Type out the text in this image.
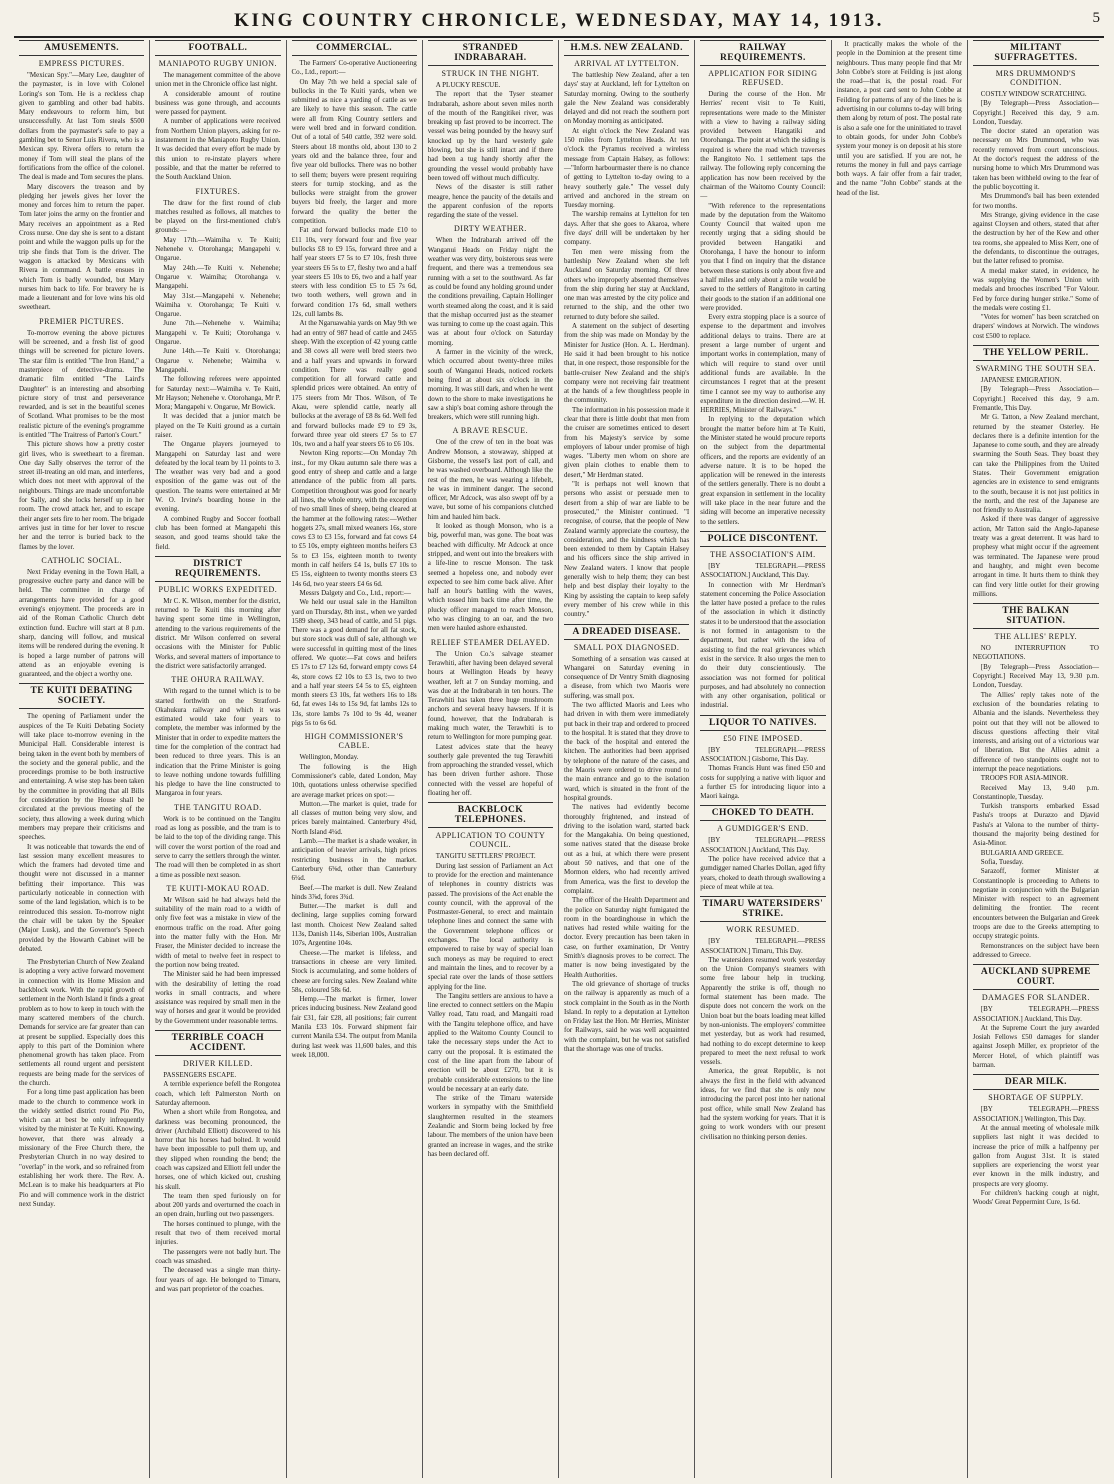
KING COUNTRY CHRONICLE, WEDNESDAY, MAY 14, 1913.	5
AMUSEMENTS.
EMPRESS PICTURES.

"Mexican Spy."—Mary Lee, daughter of the paymaster, is in love with Colonel Loring's son Tom. He is a reckless chap given to gambling and other bad habits. Mary endeavours to reform him, but unsuccessfully. At last Tom steals $500 dollars from the paymaster's safe to pay a gambling bet to Senor Luis Rivera, who is a Mexican spy. Rivera offers to return the money if Tom will steal the plans of the fortifications from the office of the colonel. The deal is made and Tom secures the plans.

Mary discovers the treason and by pledging her jewels gives her lover the money and forces him to return the paper. Tom later joins the army on the frontier and Mary receives an appointment as a Red Cross nurse. One day she is sent to a distant point and while the waggon pulls up for the trip she finds that Tom is the driver. The waggon is attacked by Mexicans with Rivera in command. A battle ensues in which Tom is badly wounded, but Mary nurses him back to life. For bravery he is made a lieutenant and for love wins his old sweetheart.

PREMIER PICTURES.

To-morrow evening the above pictures will be screened, and a fresh list of good things will be screened for picture lovers. The star film is entitled "The Iron Hand," a masterpiece of detective-drama. The dramatic film entitled "The Laird's Daughter" is an interesting and absorbing picture story of trust and perseverance rewarded, and is set in the beautiful scenes of Scotland. What promises to be the most realistic picture of the evening's programme is entitled "The Traitress of Parton's Court."

This picture shows how a pretty coster girl lives, who is sweetheart to a fireman. One day Sally observes the terror of the street ill-treating an old man, and interferes, which does not meet with approval of the neighbours. Things are made uncomfortable for Sally, and she locks herself up in her room. The crowd attack her, and to escape their anger sets fire to her room. The brigade arrives just in time for her lover to rescue her and the terror is buried back to the flames by the lover.

CATHOLIC SOCIAL.

Next Friday evening in the Town Hall, a progressive euchre party and dance will be held. The committee in charge of arrangements have provided for a good evening's enjoyment. The proceeds are in aid of the Roman Catholic Church debt extinction fund. Euchre will start at 8 p.m. sharp, dancing will follow, and musical items will be rendered during the evening. It is hoped a large number of patrons will attend as an enjoyable evening is guaranteed, and the object a worthy one.

TE KUITI DEBATING SOCIETY.

The opening of Parliament under the auspices of the Te Kuiti Debating Society will take place to-morrow evening in the Municipal Hall. Considerable interest is being taken in the event both by members of the society and the general public, and the proceedings promise to be both instructive and entertaining. A wise step has been taken by the committee in providing that all Bills for consideration by the House shall be circulated at the previous meeting of the society, thus allowing a week during which members may prepare their criticisms and speeches.

It was noticeable that towards the end of last session many excellent measures to which the framers had devoted time and thought were not discussed in a manner befitting their importance. This was particularly noticeable in connection with some of the land legislation, which is to be reintroduced this session. To-morrow night the chair will be taken by the Speaker (Major Lusk), and the Governor's Speech provided by the Howarth Cabinet will be debated.

The Presbyterian Church of New Zealand is adopting a very active forward movement in connection with its Home Mission and backblock work. With the rapid growth of settlement in the North Island it finds a great problem as to how to keep in touch with the many scattered members of the church. Demands for service are far greater than can at present be supplied. Especially does this apply to this part of the Dominion where phenomenal growth has taken place. From settlements all round urgent and persistent requests are being made for the services of the church.

For a long time past application has been made to the church to commence work in the widely settled district round Pio Pio, which can at best be only infrequently visited by the minister at Te Kuiti. Knowing, however, that there was already a missionary of the Free Church there, the Presbyterian Church in no way desired to "overlap" in the work, and so refrained from establishing her work there. The Rev. A. McLean is to make his headquarters at Pio Pio and will commence work in the district next Sunday.

FOOTBALL.
MANIAPOTO RUGBY UNION.

The management committee of the above union met in the Chronicle office last night.

A considerable amount of routine business was gone through, and accounts were passed for payment.

A number of applications were received from Northern Union players, asking for re-instatement in the Maniapoto Rugby Union. It was decided that every effort be made by this union to re-instate players where possible, and that the matter be referred to the South Auckland Union.

FIXTURES.

The draw for the first round of club matches resulted as follows, all matches to be played on the first-mentioned club's grounds:—

May 17th.—Waimiha v. Te Kuiti; Nehenehe v. Otorohanga; Mangapehi v. Ongarue.

May 24th.—Te Kuiti v. Nehenehe; Ongarue v. Waimiha; Otorohanga v. Mangapehi.

May 31st.—Mangapehi v. Nehenehe; Waimiha v. Otorohanga; Te Kuiti v. Ongarue.

June 7th.—Nehenehe v. Waimiha; Mangapehi v. Te Kuiti; Otorohanga v. Ongarue.

June 14th.—Te Kuiti v. Otorohanga; Ongarue v. Nehenehe; Waimiha v. Mangapehi.

The following referees were appointed for Saturday next:—Waimiha v. Te Kuiti, Mr Hayson; Nehenehe v. Otorohanga, Mr P. Mora; Mangapehi v. Ongarue, Mr Bowick.

It was decided that a junior match be played on the Te Kuiti ground as a curtain raiser.

The Ongarue players journeyed to Mangapehi on Saturday last and were defeated by the local team by 11 points to 3. The weather was very bad and a good exposition of the game was out of the question. The teams were entertained at Mr W. O. Irvine's boarding house in the evening.

A combined Rugby and Soccer football club has been formed at Mangapehi this season, and good teams should take the field.

DISTRICT REQUIREMENTS.
PUBLIC WORKS EXPEDITED.

Mr C. K. Wilson, member for the district, returned to Te Kuiti this morning after having spent some time in Wellington, attending to the various requirements of the district. Mr Wilson conferred on several occasions with the Minister for Public Works, and several matters of importance to the district were satisfactorily arranged.

THE OHURA RAILWAY.

With regard to the tunnel which is to be started forthwith on the Stratford-Okahukura railway and which it was estimated would take four years to complete, the member was informed by the Minister that in order to expedite matters the time for the completion of the contract had been reduced to three years. This is an indication that the Prime Minister is going to leave nothing undone towards fulfilling his pledge to have the line constructed to Mangaroa in four years.

THE TANGITU ROAD.

Work is to be continued on the Tangitu road as long as possible, and the tram is to be laid to the top of the dividing range. This will cover the worst portion of the road and serve to carry the settlers through the winter. The road will then be completed in as short a time as possible next season.

TE KUITI-MOKAU ROAD.

Mr Wilson said he had always held the suitability of the main road to a width of only five feet was a mistake in view of the enormous traffic on the road. After going into the matter fully with the Hon. Mr Fraser, the Minister decided to increase the width of metal to twelve feet in respect to the portion now being treated.

The Minister said he had been impressed with the desirability of letting the road works in small contracts, and where assistance was required by small men in the way of horses and gear it would be provided by the Government under reasonable terms.

TERRIBLE COACH ACCIDENT.
DRIVER KILLED.

PASSENGERS ESCAPE.

A terrible experience befell the Rongotea coach, which left Palmerston North on Saturday afternoon.

When a short while from Rongotea, and darkness was becoming pronounced, the driver (Archibald Elliott) discovered to his horror that his horses had bolted. It would have been impossible to pull them up, and they slipped when rounding the bend; the coach was capsized and Elliott fell under the horses, one of which kicked out, crushing his skull.

The team then sped furiously on for about 200 yards and overturned the coach in an open drain, hurling out two passengers.

The horses continued to plunge, with the result that two of them received mortal injuries.

The passengers were not badly hurt. The coach was smashed.

The deceased was a single man thirty-four years of age. He belonged to Timaru, and was part proprietor of the coaches.

COMMERCIAL.

The Farmers' Co-operative Auctioneering Co., Ltd., report:—

On May 7th we held a special sale of bullocks in the Te Kuiti yards, when we submitted as nice a yarding of cattle as we are likely to have this season. The cattle were all from King Country settlers and were well bred and in forward condition. Out of a total of 540 cattle, 392 were sold. Steers about 18 months old, about 130 to 2 years old and the balance three, four and five year old bullocks. There was no bother to sell them; buyers were present requiring steers for turnip stocking, and as the bullocks were straight from the grower buyers bid freely, the larger and more forward the quality the better the competition.

Fat and forward bullocks made £10 to £11 10s, very forward four and five year bullocks £8 to £9 15s, forward three and a half year steers £7 5s to £7 10s, fresh three year steers £6 5s to £7, fleshy two and a half year steers £5 10s to £6, two and a half year steers with less condition £5 to £5 7s 6d, two tooth wethers, well grown and in forward condition 17s 6d, small wethers 12s, cull lambs 8s.

At the Ngaruawahia yards on May 9th we had an entry of 987 head of cattle and 2455 sheep. With the exception of 42 young cattle and 38 cows all were well bred steers two and a half years and upwards in forward condition. There was really good competition for all forward cattle and splendid prices were obtained. An entry of 175 steers from Mr Thos. Wilson, of Te Akau, were splendid cattle, nearly all bullocks at the average of £8 8s 6d. Well fed and forward bullocks made £9 to £9 3s, forward three year old steers £7 5s to £7 10s, two and a half year steers £6 to £6 10s.

Newton King reports:—On Monday 7th inst., for my Okau autumn sale there was a good entry of sheep and cattle and a large attendance of the public from all parts. Competition throughout was good for nearly all lines, the whole entry, with the exception of two small lines of sheep, being cleared at the hammer at the following rates:—Wether hoggets 27s, small mixed weaners 16s, store cows £3 to £3 15s, forward and fat cows £4 to £5 10s, empty eighteen months heifers £3 5s to £3 15s, eighteen month to twenty month in calf heifers £4 1s, bulls £7 10s to £5 15s, eighteen to twenty months steers £3 14s 6d, two year steers £4 6s 6d.

Messrs Dalgety and Co., Ltd., report:—

We held our usual sale in the Hamilton yard on Thursday, 8th inst., when we yarded 1589 sheep, 343 head of cattle, and 51 pigs. There was a good demand for all fat stock, but store stock was dull of sale, although we were successful in quitting most of the lines offered. We quote:—Fat cows and heifers £5 17s to £7 12s 6d, forward empty cows £4 4s, store cows £2 10s to £3 1s, two to two and a half year steers £4 5s to £5, eighteen month steers £3 10s, fat wethers 16s to 18s 6d, fat ewes 14s to 15s 9d, fat lambs 12s to 13s, store lambs 7s 10d to 9s 4d, weaner pigs 5s to 6s 6d.

HIGH COMMISSIONER'S CABLE.

Wellington, Monday.

The following is the High Commissioner's cable, dated London, May 10th, quotations unless otherwise specified are average market prices on spot:—

Mutton.—The market is quiet, trade for all classes of mutton being very slow, and prices barely maintained. Canterbury 4¼d, North Island 4¼d.

Lamb.—The market is a shade weaker, in anticipation of heavier arrivals, high prices restricting business in the market. Canterbury 6⅝d, other than Canterbury 6¼d.

Beef.—The market is dull. New Zealand hinds 3⅞d, fores 3¾d.

Butter.—The market is dull and declining, large supplies coming forward last month. Choicest New Zealand salted 113s, Danish 114s, Siberian 100s, Australian 107s, Argentine 104s.

Cheese.—The market is lifeless, and transactions in cheese are very limited. Stock is accumulating, and some holders of cheese are forcing sales. New Zealand white 58s, coloured 58s 6d.

Hemp.—The market is firmer, lower prices inducing business. New Zealand good fair £31, fair £28, all positions; fair current Manila £33 10s. Forward shipment fair current Manila £34. The output from Manila during last week was 11,600 bales, and this week 18,000.

STRANDED INDRABARAH.
STRUCK IN THE NIGHT.

A PLUCKY RESCUE.

The report that the Tyser steamer Indrabarah, ashore about seven miles north of the mouth of the Rangitikei river, was breaking up fast proved to be incorrect. The vessel was being pounded by the heavy surf knocked up by the hard westerly gale blowing, but she is still intact and if there had been a tug handy shortly after the grounding the vessel would probably have been towed off without much difficulty.

News of the disaster is still rather meagre, hence the paucity of the details and the apparent confusion of the reports regarding the state of the vessel.

DIRTY WEATHER.

When the Indrabarah arrived off the Wanganui Heads on Friday night the weather was very dirty, boisterous seas were frequent, and there was a tremendous sea running with a set to the southward. As far as could be found any holding ground under the conditions prevailing, Captain Hollinger worth steamed along the coast, and it is said that the mishap occurred just as the steamer was turning to come up the coast again. This was at about four o'clock on Saturday morning.

A farmer in the vicinity of the wreck, which occurred about twenty-three miles south of Wanganui Heads, noticed rockets being fired at about six o'clock in the morning. It was still dark, and when he went down to the shore to make investigations he saw a ship's boat coming ashore through the breakers, which were still running high.

A BRAVE RESCUE.

One of the crew of ten in the boat was Andrew Monson, a stowaway, shipped at Gisborne, the vessel's last port of call, and he was washed overboard. Although like the rest of the men, he was wearing a lifebelt, he was in imminent danger. The second officer, Mr Adcock, was also swept off by a wave, but some of his companions clutched him and hauled him back.

It looked as though Monson, who is a big, powerful man, was gone. The boat was beached with difficulty. Mr Adcock at once stripped, and went out into the breakers with a life-line to rescue Monson. The task seemed a hopeless one, and nobody ever expected to see him come back alive. After half an hour's battling with the waves, which tossed him back time after time, the plucky officer managed to reach Monson, who was clinging to an oar, and the two men were hauled ashore exhausted.

RELIEF STEAMER DELAYED.

The Union Co.'s salvage steamer Terawhiti, after having been delayed several hours at Wellington Heads by heavy weather, left at 7 on Sunday morning, and was due at the Indrabarah in ten hours. The Terawhiti has taken three huge mushroom anchors and several heavy hawsers. If it is found, however, that the Indrabarah is making much water, the Terawhiti is to return to Wellington for more pumping gear.

Latest advices state that the heavy southerly gale prevented the tug Terawhiti from approaching the stranded vessel, which has been driven further ashore. Those connected with the vessel are hopeful of floating her off.

BACKBLOCK TELEPHONES.
APPLICATION TO COUNTY COUNCIL.

TANGITU SETTLERS' PROJECT.

During last session of Parliament an Act to provide for the erection and maintenance of telephones in country districts was passed. The provisions of the Act enable the county council, with the approval of the Postmaster-General, to erect and maintain telephone lines and connect the same with the Government telephone offices or exchanges. The local authority is empowered to raise by way of special loan such moneys as may be required to erect and maintain the lines, and to recover by a special rate over the lands of those settlers applying for the line.

The Tangitu settlers are anxious to have a line erected to connect settlers on the Mapiu Valley road, Tatu road, and Mangaiti road with the Tangitu telephone office, and have applied to the Waitomo County Council to take the necessary steps under the Act to carry out the proposal. It is estimated the cost of the line apart from the labour of erection will be about £270, but it is probable considerable extensions to the line would be necessary at an early date.

The strike of the Timaru waterside workers in sympathy with the Smithfield slaughtermen resulted in the steamers Zealandic and Storm being locked by free labour. The members of the union have been granted an increase in wages, and the strike has been declared off.

H.M.S. NEW ZEALAND.
ARRIVAL AT LYTTELTON.

The battleship New Zealand, after a ten days' stay at Auckland, left for Lyttelton on Saturday morning. Owing to the southerly gale the New Zealand was considerably delayed and did not reach the southern port on Monday morning as anticipated.

At eight o'clock the New Zealand was 150 miles from Lyttelton Heads. At ten o'clock the Pyramus received a wireless message from Captain Halsey, as follows:—"Inform harbourmaster there is no chance of getting to Lyttelton to-day owing to a heavy southerly gale." The vessel duly arrived and anchored in the stream on Tuesday morning.

The warship remains at Lyttelton for ten days. After that she goes to Akaroa, where five days' drill will be undertaken by her company.

Ten men were missing from the battleship New Zealand when she left Auckland on Saturday morning. Of three others who improperly absented themselves from the ship during her stay at Auckland, one man was arrested by the city police and returned to the ship, and the other two returned to duty before she sailed.

A statement on the subject of deserting from the ship was made on Monday by the Minister for Justice (Hon. A. L. Herdman). He said it had been brought to his notice that, in one respect, those responsible for the battle-cruiser New Zealand and the ship's company were not receiving fair treatment at the hands of a few thoughtless people in the community.

The information in his possession made it clear that there is little doubt that men from the cruiser are sometimes enticed to desert from his Majesty's service by some employers of labour under promise of high wages. "Liberty men whom on shore are given plain clothes to enable them to desert," Mr Herdman stated.

"It is perhaps not well known that persons who assist or persuade men to desert from a ship of war are liable to be prosecuted," the Minister continued. "I recognise, of course, that the people of New Zealand warmly appreciate the courtesy, the consideration, and the kindness which has been extended to them by Captain Halsey and his officers since the ship arrived in New Zealand waters. I know that people generally wish to help them; they can best help and best display their loyalty to the King by assisting the captain to keep safely every member of his crew while in this country."

A DREADED DISEASE.
SMALL POX DIAGNOSED.

Something of a sensation was caused at Whangarei on Saturday evening in consequence of Dr Ventry Smith diagnosing a disease, from which two Maoris were suffering, was small pox.

The two afflicted Maoris and Lees who had driven in with them were immediately put back in their trap and ordered to proceed to the hospital. It is stated that they drove to the back of the hospital and entered the kitchen. The authorities had been apprised by telephone of the nature of the cases, and the Maoris were ordered to drive round to the main entrance and go to the isolation ward, which is situated in the front of the hospital grounds.

The natives had evidently become thoroughly frightened, and instead of driving to the isolation ward, started back for the Mangakahia. On being questioned, some natives stated that the disease broke out as a hui, at which there were present about 50 natives, and that one of the Mormon elders, who had recently arrived from America, was the first to develop the complaint.

The officer of the Health Department and the police on Saturday night fumigated the room in the boardinghouse in which the natives had rested while waiting for the doctor. Every precaution has been taken in case, on further examination, Dr Ventry Smith's diagnosis proves to be correct. The matter is now being investigated by the Health Authorities.

The old grievance of shortage of trucks on the railway is apparently as much of a stock complaint in the South as in the North Island. In reply to a deputation at Lyttelton on Friday last the Hon. Mr Herries, Minister for Railways, said he was well acquainted with the complaint, but he was not satisfied that the shortage was one of trucks.

RAILWAY REQUIREMENTS.
APPLICATION FOR SIDING REFUSED.

During the course of the Hon. Mr Herries' recent visit to Te Kuiti, representations were made to the Minister with a view to having a railway siding provided between Hangatiki and Otorohanga. The point at which the siding is required is where the road which traverses the Rangitoto No. 1 settlement taps the railway. The following reply concerning the application has now been received by the chairman of the Waitomo County Council:—

"With reference to the representations made by the deputation from the Waitomo County Council that waited upon me recently urging that a siding should be provided between Hangatiki and Otorohanga, I have the honour to inform you that I find on inquiry that the distance between these stations is only about five and a half miles and only about a mile would be saved to the settlers of Rangitoto in carting their goods to the station if an additional one were provided.

Every extra stopping place is a source of expense to the department and involves additional delays to trains. There are at present a large number of urgent and important works in contemplation, many of which will require to stand over until additional funds are available. In the circumstances I regret that at the present time I cannot see my way to authorise any expenditure in the direction desired.—W. H. HERRIES, Minister of Railways."

In replying to the deputation which brought the matter before him at Te Kuiti, the Minister stated he would procure reports on the subject from the departmental officers, and the reports are evidently of an adverse nature. It is to be hoped the application will be renewed in the interests of the settlers generally. There is no doubt a great expansion in settlement in the locality will take place in the near future and the siding will become an imperative necessity to the settlers.

POLICE DISCONTENT.
THE ASSOCIATION'S AIM.

[BY TELEGRAPH.—PRESS ASSOCIATION.] Auckland, This Day.

In connection with Mr Herdman's statement concerning the Police Association the latter have posted a preface to the rules of the association in which it distinctly states it to be understood that the association is not formed in antagonism to the department, but rather with the idea of assisting to find the real grievances which exist in the service. It also urges the men to do their duty conscientiously. The association was not formed for political purposes, and had absolutely no connection with any other organisation, political or industrial.

LIQUOR TO NATIVES.
£50 FINE IMPOSED.

[BY TELEGRAPH.—PRESS ASSOCIATION.] Gisborne, This Day.

Thomas Francis Hunt was fined £50 and costs for supplying a native with liquor and a further £5 for introducing liquor into a Maori kainga.

CHOKED TO DEATH.
A GUMDIGGER'S END.

[BY TELEGRAPH.—PRESS ASSOCIATION.] Auckland, This Day.

The police have received advice that a gumdigger named Charles Dollan, aged fifty years, choked to death through swallowing a piece of meat while at tea.

TIMARU WATERSIDERS' STRIKE.
WORK RESUMED.

[BY TELEGRAPH.—PRESS ASSOCIATION.] Timaru, This Day.

The watersiders resumed work yesterday on the Union Company's steamers with some free labour help in trucking. Apparently the strike is off, though no formal statement has been made. The dispute does not concern the work on the Union boat but the boats loading meat killed by non-unionists. The employers' committee met yesterday, but as work had resumed, had nothing to do except determine to keep prepared to meet the next refusal to work vessels.

America, the great Republic, is not always the first in the field with advanced ideas, for we find that she is only now introducing the parcel post into her national post office, while small New Zealand has had the system working for years. That it is going to work wonders with our present civilisation no thinking person denies.

It practically makes the whole of the people in the Dominion at the present time neighbours. Thus many people find that Mr John Cobbe's store at Feilding is just along the road—that is, the postal road. For instance, a post card sent to John Cobbe at Feilding for patterns of any of the lines he is advertising in our columns to-day will bring them along by return of post. The postal rate is also a safe one for the uninitiated to travel to obtain goods, for under John Cobbe's system your money is on deposit at his store until you are satisfied. If you are not, he returns the money in full and pays carriage both ways. A fair offer from a fair trader, and the name "John Cobbe" stands at the head of the list.

MILITANT SUFFRAGETTES.
MRS DRUMMOND'S CONDITION.

COSTLY WINDOW SCRATCHING.

[By Telegraph—Press Association—Copyright.] Received this day, 9 a.m. London, Tuesday.

The doctor stated an operation was necessary on Mrs Drummond, who was recently removed from court unconscious. At the doctor's request the address of the nursing home to which Mrs Drummond was taken has been withheld owing to the fear of the public boycotting it.

Mrs Drummond's bail has been extended for two months.

Mrs Strange, giving evidence in the case against Cloysen and others, stated that after the destruction by her of the Kew and other tea rooms, she appealed to Miss Kerr, one of the defendants, to discontinue the outrages, but the latter refused to promise.

A medal maker stated, in evidence, he was supplying the Women's Union with medals and brooches inscribed "For Valour. Fed by force during hunger strike." Some of the medals were costing £1.

"Votes for women" has been scratched on drapers' windows at Norwich. The windows cost £500 to replace.

THE YELLOW PERIL.
SWARMING THE SOUTH SEA.

JAPANESE EMIGRATION.

[By Telegraph—Press Association—Copyright.] Received this day, 9 a.m. Fremantle, This Day.

Mr G. Tatton, a New Zealand merchant, returned by the steamer Osterley. He declares there is a definite intention for the Japanese to come south, and they are already swarming the South Seas. They boast they can take the Philippines from the United States. Their Government emigration agencies are in existence to send emigrants to the south, because it is not just politics in the north, and the rest of the Japanese are not friendly to Australia.

Asked if there was danger of aggressive action, Mr Tatton said the Anglo-Japanese treaty was a great deterrent. It was hard to prophesy what might occur if the agreement was terminated. The Japanese were proud and haughty, and might even become arrogant in time. It hurts them to think they can find very little outlet for their growing millions.

THE BALKAN SITUATION.
THE ALLIES' REPLY.

NO INTERRUPTION TO NEGOTIATIONS.

[By Telegraph—Press Association—Copyright.] Received May 13, 9.30 p.m. London, Tuesday.

The Allies' reply takes note of the exclusion of the boundaries relating to Albania and the islands. Nevertheless they point out that they will not be allowed to discuss questions affecting their vital interests, and arising out of a victorious war of liberation. But the Allies admit a difference of two standpoints ought not to interrupt the peace negotiations.

TROOPS FOR ASIA-MINOR.

Received May 13, 9.40 p.m. Constantinople, Tuesday.

Turkish transports embarked Essad Pasha's troops at Durazzo and Djavid Pasha's at Valona to the number of thirty-thousand the majority being destined for Asia-Minor.

BULGARIA AND GREECE.

Sofia, Tuesday.

Sarazoff, former Minister at Constantinople is proceeding to Athens to negotiate in conjunction with the Bulgarian Minister with respect to an agreement delimiting the frontier. The recent encounters between the Bulgarian and Greek troops are due to the Greeks attempting to occupy strategic points.

Remonstrances on the subject have been addressed to Greece.

AUCKLAND SUPREME COURT.
DAMAGES FOR SLANDER.

[BY TELEGRAPH.—PRESS ASSOCIATION.] Auckland, This Day.

At the Supreme Court the jury awarded Josiah Fellows £50 damages for slander against Joseph Miller, ex proprietor of the Mercer Hotel, of which plaintiff was barman.

DEAR MILK.
SHORTAGE OF SUPPLY.

[BY TELEGRAPH.—PRESS ASSOCIATION.] Wellington, This Day.

At the annual meeting of wholesale milk suppliers last night it was decided to increase the price of milk a halfpenny per gallon from August 31st. It is stated suppliers are experiencing the worst year ever known in the milk industry, and prospects are very gloomy.

For children's hacking cough at night, Woods' Great Peppermint Cure, 1s 6d.
